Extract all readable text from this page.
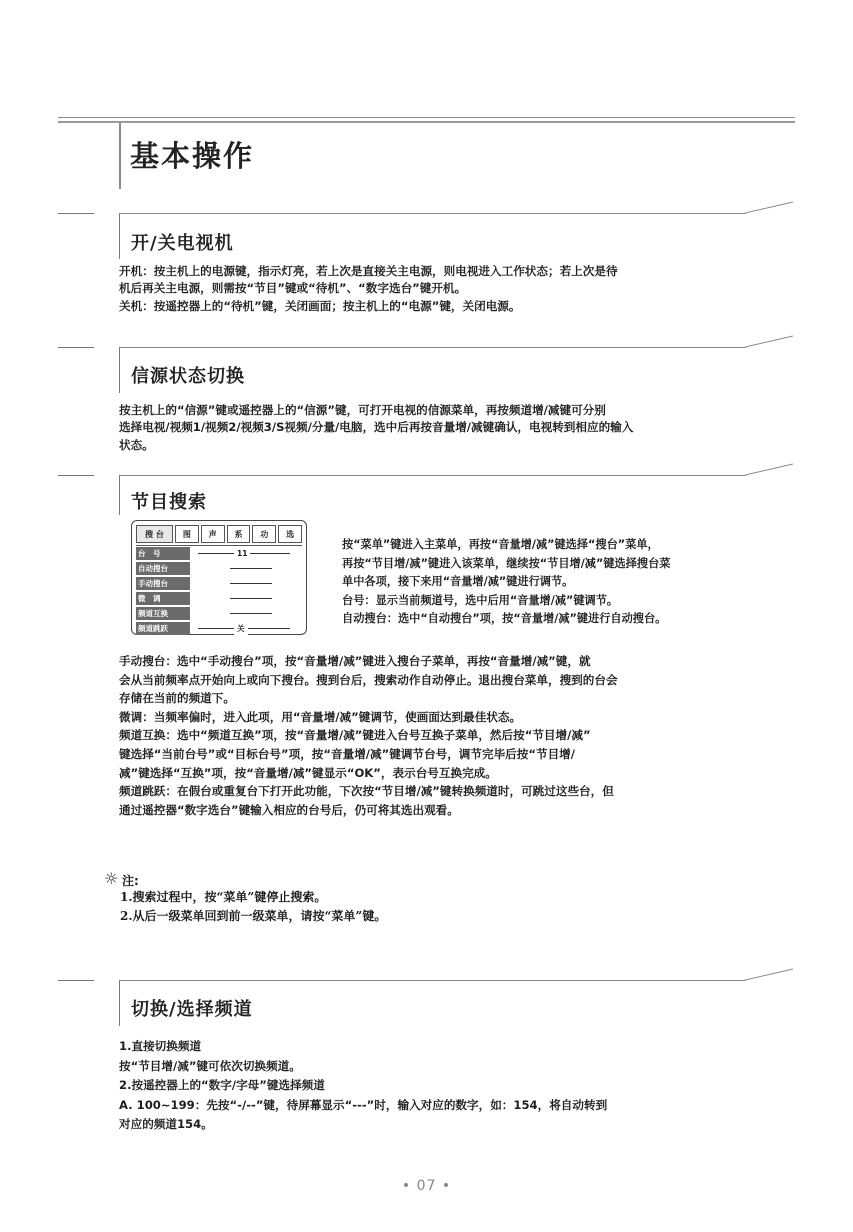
基本操作
开/关电视机

开机：按主机上的电源键，指示灯亮，若上次是直接关主电源，则电视进入工作状态；若上次是待

机后再关主电源，则需按“节目”键或“待机”、“数字选台”键开机。

关机：按遥控器上的“待机”键，关闭画面；按主机上的“电源”键，关闭电源。

信源状态切换

按主机上的“信源”键或遥控器上的“信源”键，可打开电视的信源菜单，再按频道增/减键可分别

选择电视/视频1/视频2/视频3/S视频/分量/电脑，选中后再按音量增/减键确认，电视转到相应的输入

状态。

节目搜索
搜 台	图	声	系	功	选
台　号	11
自动搜台
手动搜台
微　调
频道互换
频道跳跃	关

按“菜单”键进入主菜单，再按“音量增/减”键选择“搜台”菜单，

再按“节目增/减”键进入该菜单，继续按“节目增/减”键选择搜台菜

单中各项，接下来用“音量增/减”键进行调节。

台号：显示当前频道号，选中后用“音量增/减”键调节。

自动搜台：选中“自动搜台”项，按“音量增/减”键进行自动搜台。

手动搜台：选中“手动搜台”项，按“音量增/减”键进入搜台子菜单，再按“音量增/减”键，就

会从当前频率点开始向上或向下搜台。搜到台后，搜索动作自动停止。退出搜台菜单，搜到的台会

存储在当前的频道下。

微调：当频率偏时，进入此项，用“音量增/减”键调节，使画面达到最佳状态。

频道互换：选中“频道互换”项，按“音量增/减”键进入台号互换子菜单，然后按“节目增/减”

键选择“当前台号”或“目标台号”项，按“音量增/减”键调节台号，调节完毕后按“节目增/

减”键选择“互换”项，按“音量增/减”键显示“OK”，表示台号互换完成。

频道跳跃：在假台或重复台下打开此功能，下次按“节目增/减”键转换频道时，可跳过这些台，但

通过遥控器“数字选台”键输入相应的台号后，仍可将其选出观看。

☼ 注:
1.搜索过程中，按“菜单”键停止搜索。
2.从后一级菜单回到前一级菜单，请按“菜单”键。
切换/选择频道

1.直接切换频道

按“节目增/减”键可依次切换频道。

2.按遥控器上的“数字/字母”键选择频道

A. 100~199：先按“-/--”键，待屏幕显示“---”时，输入对应的数字，如：154，将自动转到

对应的频道154。

• 07 •
